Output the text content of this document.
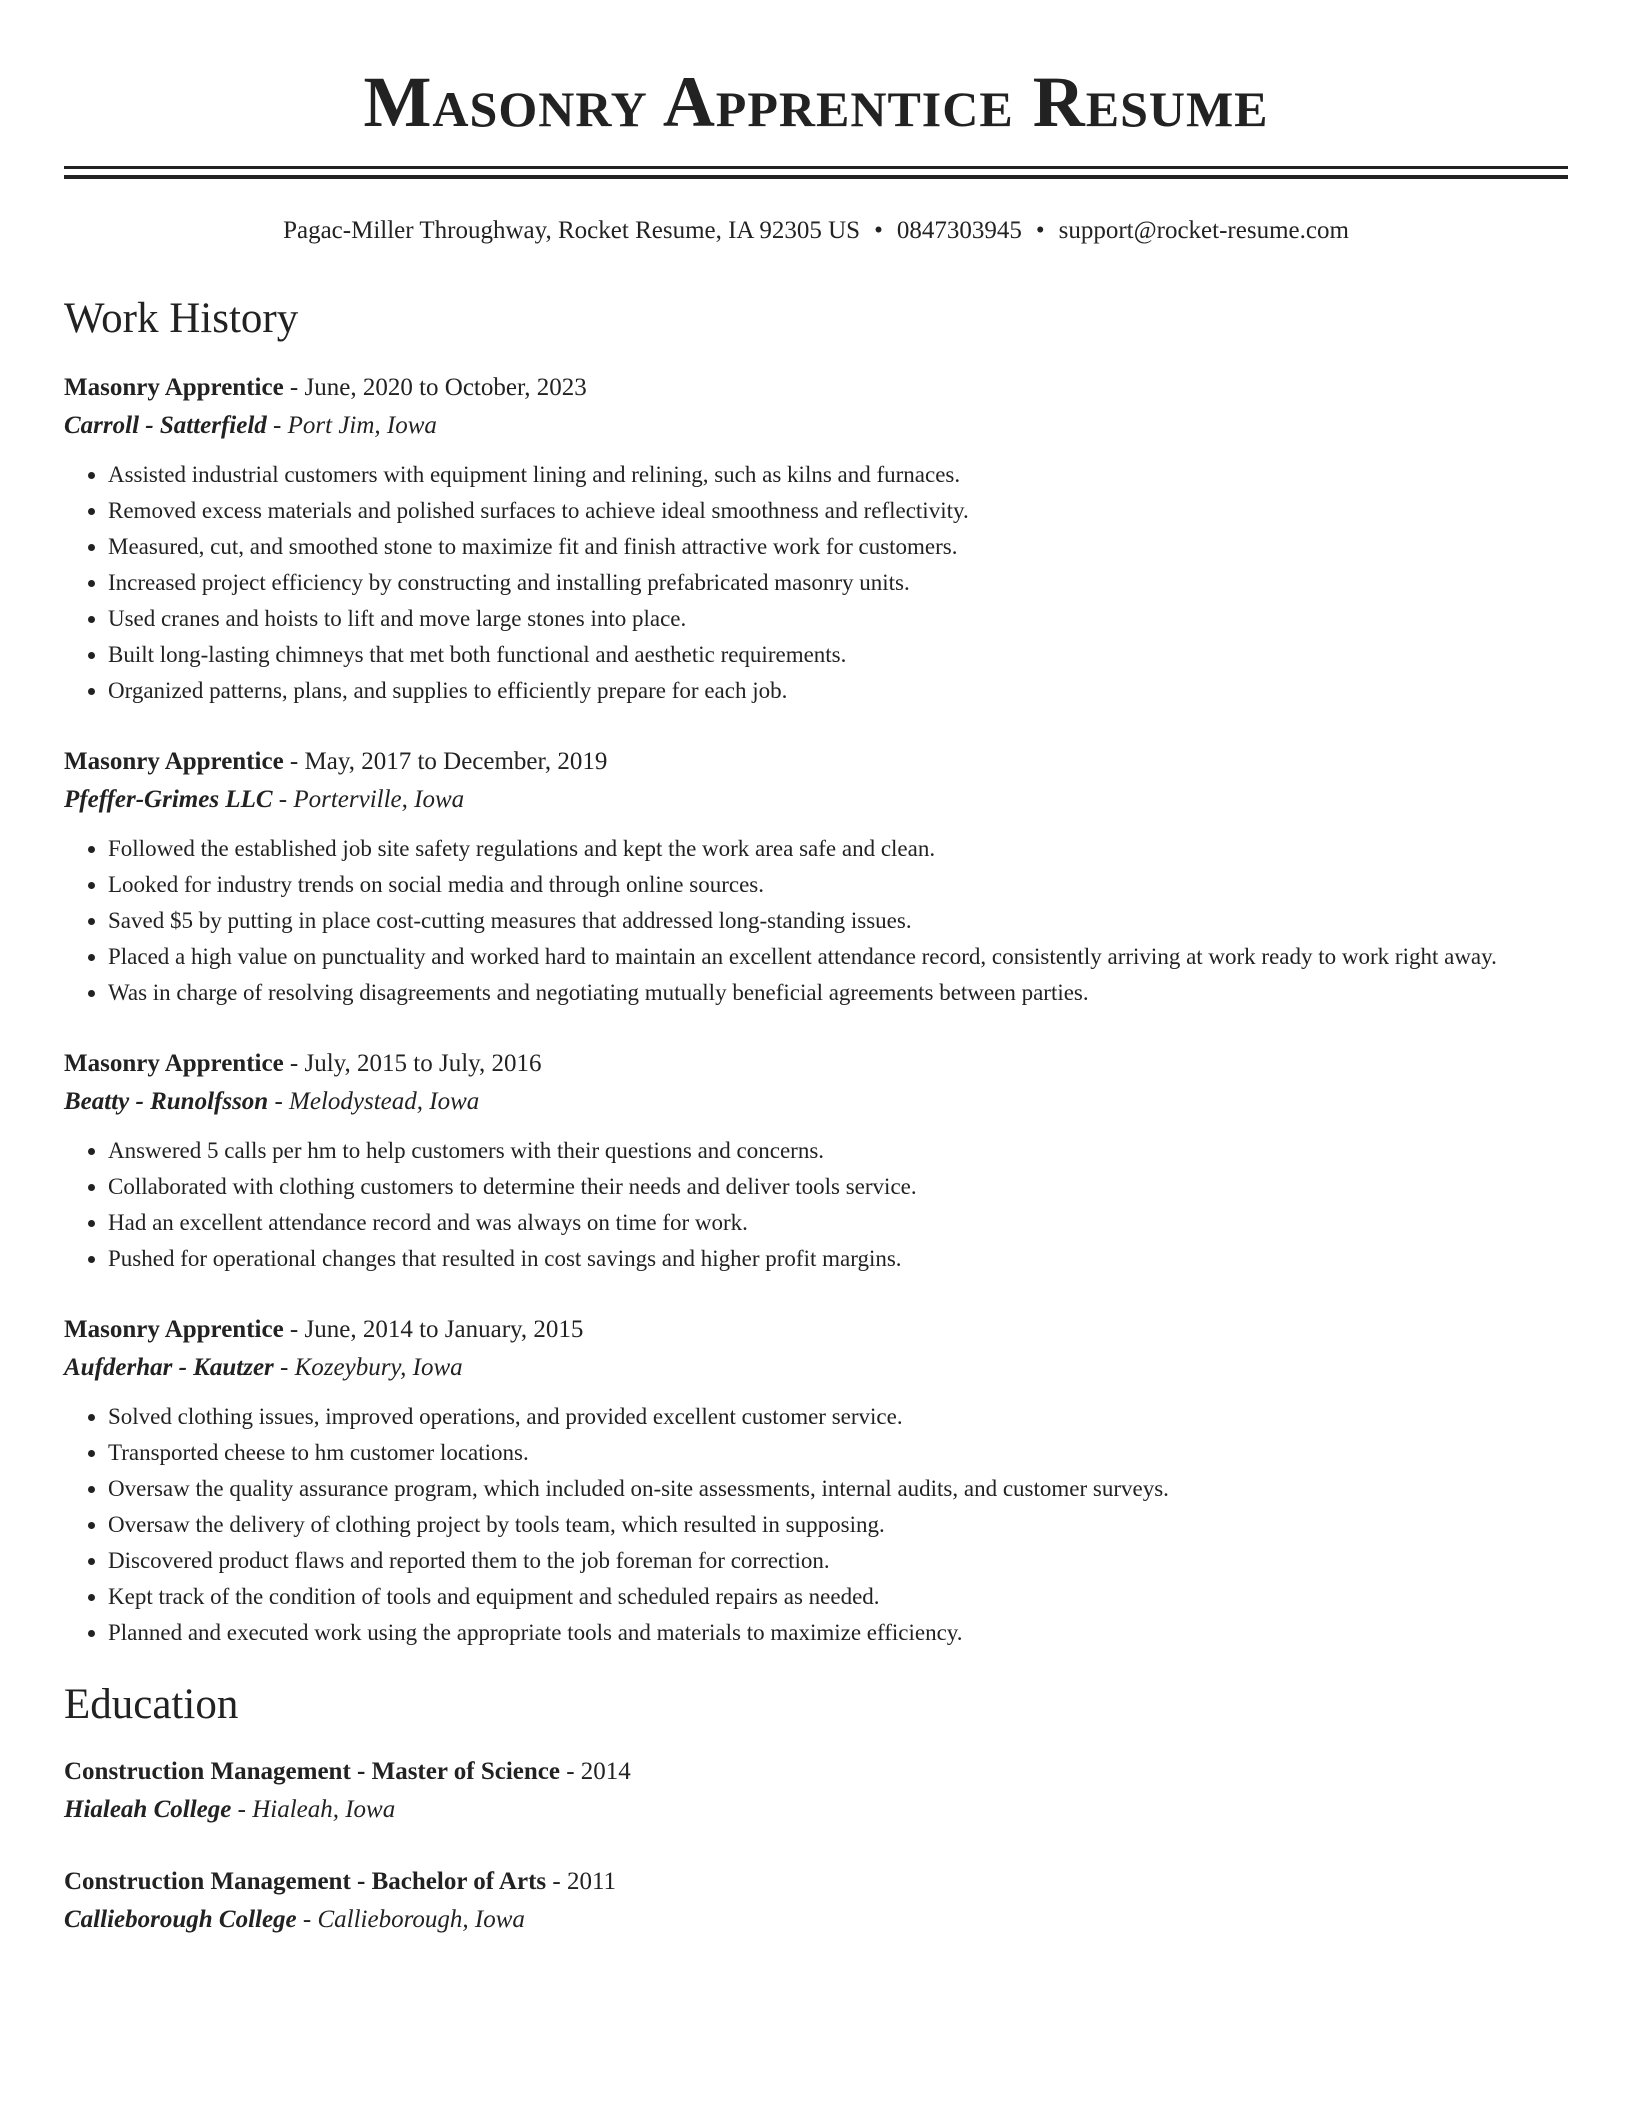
Masonry Apprentice Resume
Pagac-Miller Throughway, Rocket Resume, IA 92305 US • 0847303945 • support@rocket-resume.com
Work History
Masonry Apprentice - June, 2020 to October, 2023
Carroll - Satterfield - Port Jim, Iowa
• Assisted industrial customers with equipment lining and relining, such as kilns and furnaces.
• Removed excess materials and polished surfaces to achieve ideal smoothness and reflectivity.
• Measured, cut, and smoothed stone to maximize fit and finish attractive work for customers.
• Increased project efficiency by constructing and installing prefabricated masonry units.
• Used cranes and hoists to lift and move large stones into place.
• Built long-lasting chimneys that met both functional and aesthetic requirements.
• Organized patterns, plans, and supplies to efficiently prepare for each job.
Masonry Apprentice - May, 2017 to December, 2019
Pfeffer-Grimes LLC - Porterville, Iowa
• Followed the established job site safety regulations and kept the work area safe and clean.
• Looked for industry trends on social media and through online sources.
• Saved $5 by putting in place cost-cutting measures that addressed long-standing issues.
• Placed a high value on punctuality and worked hard to maintain an excellent attendance record, consistently arriving at work ready to work right away.
• Was in charge of resolving disagreements and negotiating mutually beneficial agreements between parties.
Masonry Apprentice - July, 2015 to July, 2016
Beatty - Runolfsson - Melodystead, Iowa
• Answered 5 calls per hm to help customers with their questions and concerns.
• Collaborated with clothing customers to determine their needs and deliver tools service.
• Had an excellent attendance record and was always on time for work.
• Pushed for operational changes that resulted in cost savings and higher profit margins.
Masonry Apprentice - June, 2014 to January, 2015
Aufderhar - Kautzer - Kozeybury, Iowa
• Solved clothing issues, improved operations, and provided excellent customer service.
• Transported cheese to hm customer locations.
• Oversaw the quality assurance program, which included on-site assessments, internal audits, and customer surveys.
• Oversaw the delivery of clothing project by tools team, which resulted in supposing.
• Discovered product flaws and reported them to the job foreman for correction.
• Kept track of the condition of tools and equipment and scheduled repairs as needed.
• Planned and executed work using the appropriate tools and materials to maximize efficiency.
Education
Construction Management - Master of Science - 2014
Hialeah College - Hialeah, Iowa
Construction Management - Bachelor of Arts - 2011
Callieborough College - Callieborough, Iowa
